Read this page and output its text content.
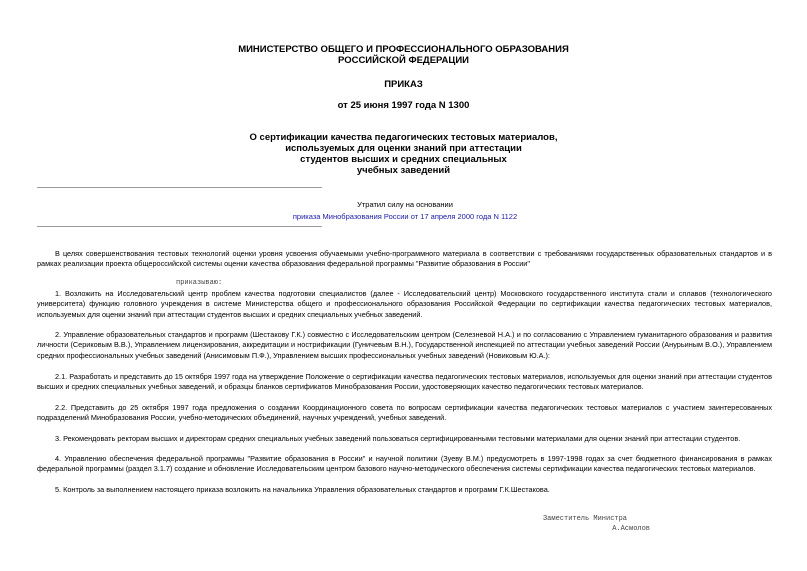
МИНИСТЕРСТВО ОБЩЕГО И ПРОФЕССИОНАЛЬНОГО ОБРАЗОВАНИЯ
РОССИЙСКОЙ ФЕДЕРАЦИИ
ПРИКАЗ
от 25 июня 1997 года N 1300
О сертификации качества педагогических тестовых материалов,
используемых для оценки знаний при аттестации
студентов высших и средних специальных
учебных заведений
Утратил силу на основании
приказа Минобразования России от 17 апреля 2000 года N 1122

В целях совершенствования тестовых технологий оценки уровня усвоения обучаемыми учебно-программного материала в соответствии с требованиями государственных образовательных стандартов и в рамках реализации проекта общероссийской системы оценки качества образования федеральной программы "Развитие образования в России"

приказываю:

1. Возложить на Исследовательский центр проблем качества подготовки специалистов (далее - Исследовательский центр) Московского государственного института стали и сплавов (технологического университета) функцию головного учреждения в системе Министерства общего и профессионального образования Российской Федерации по сертификации качества педагогических тестовых материалов, используемых для оценки знаний при аттестации студентов высших и средних специальных учебных заведений.

2. Управление образовательных стандартов и программ (Шестакову Г.К.) совместно с Исследовательским центром (Селезневой Н.А.) и по согласованию с Управлением гуманитарного образования и развития личности (Сериковым В.В.), Управлением лицензирования, аккредитации и нострификации (Гуничевым В.Н.), Государственной инспекцией по аттестации учебных заведений России (Анурьиным В.О.), Управлением средних профессиональных учебных заведений (Анисимовым П.Ф.), Управлением высших профессиональных учебных заведений (Новиковым Ю.А.):

2.1. Разработать и представить до 15 октября 1997 года на утверждение Положение о сертификации качества педагогических тестовых материалов, используемых для оценки знаний при аттестации студентов высших и средних специальных учебных заведений, и образцы бланков сертификатов Минобразования России, удостоверяющих качество педагогических тестовых материалов.

2.2. Представить до 25 октября 1997 года предложения о создании Координационного совета по вопросам сертификации качества педагогических тестовых материалов с участием заинтересованных подразделений Минобразования России, учебно-методических объединений, научных учреждений, учебных заведений.

3. Рекомендовать ректорам высших и директорам средних специальных учебных заведений пользоваться сертифицированными тестовыми материалами для оценки знаний при аттестации студентов.

4. Управлению обеспечения федеральной программы "Развитие образования в России" и научной политики (Зуеву В.М.) предусмотреть в 1997-1998 годах за счет бюджетного финансирования в рамках федеральной программы (раздел 3.1.7) создание и обновление Исследовательским центром базового научно-методического обеспечения системы сертификации качества педагогических тестовых материалов.

5. Контроль за выполнением настоящего приказа возложить на начальника Управления образовательных стандартов и программ Г.К.Шестакова.

Заместитель Министра
А.Асмолов
